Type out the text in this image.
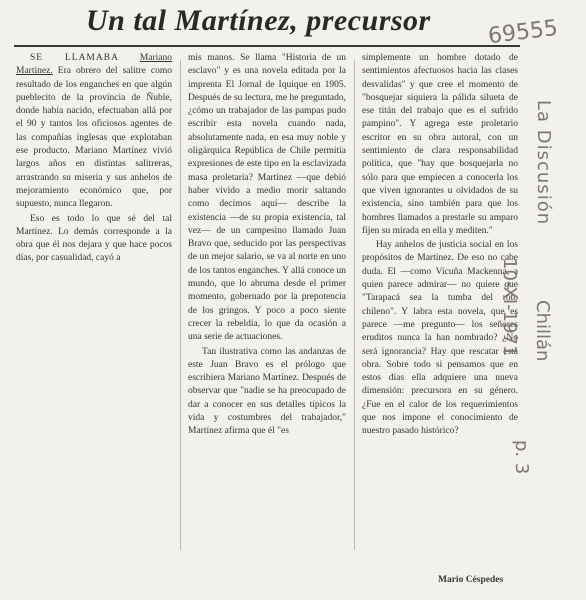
Un tal Martínez, precursor

SE LLAMABA Mariano Martínez. Era obrero del salitre como resultado de los enganches en que algún pueblecito de la provincia de Ñuble, donde había nacido, efectuaban allá por el 90 y tantos los oficiosos agentes de las compañías inglesas que explotaban ese producto. Mariano Martínez vivió largos años en distintas salitreras, arrastrando su miseria y sus anhelos de mejoramiento económico que, por supuesto, nunca llegaron.

Eso es todo lo que sé del tal Martínez. Lo demás corresponde a la obra que él nos dejara y que hace pocos días, por casualidad, cayó a

mis manos. Se llama "Historia de un esclavo" y es una novela editada por la imprenta El Jornal de Iquique en 1905. Después de su lectura, me he preguntado, ¿cómo un trabajador de las pampas pudo escribir esta novela cuando nada, absolutamente nada, en esa muy noble y oligárquica República de Chile permitía expresiones de este tipo en la esclavizada masa proletaria? Martínez —que debió haber vivido a medio morir saltando como decimos aquí— describe la existencia —de su propia existencia, tal vez— de un campesino llamado Juan Bravo que, seducido por las perspectivas de un mejor salario, se va al norte en uno de los tantos enganches. Y allá conoce un mundo, que lo abruma desde el primer momento, gobernado por la prepotencia de los gringos. Y poco a poco siente crecer la rebeldía, lo que da ocasión a una serie de actuaciones.

Tan ilustrativa como las andanzas de este Juan Bravo es el prólogo que escribiera Mariano Martínez. Después de observar que "nadie se ha preocupado de dar a conocer en sus detalles típicos la vida y costumbres del trabajador," Martínez afirma que él "es

simplemente un hombre dotado de sentimientos afectuosos hacia las clases desvalidas" y que cree el momento de "bosquejar siquiera la pálida silueta de ese titán del trabajo que es el sufrido pampino". Y agrega este proletario escritor en su obra autoral, con un sentimiento de clara responsabilidad política, que "hay que bosquejarla no sólo para que empiecen a conocerla los que viven ignorantes u olvidados de su existencia, sino también para que los hombres llamados a prestarle su amparo fijen su mirada en ella y mediten."

Hay anhelos de justicia social en los propósitos de Martínez. De eso no cabe duda. El —como Vicuña Mackenna, a quien parece admirar— no quiere que "Tarapacá sea la tumba del roto chileno". Y labra esta novela, que es parece —me pregunto— los señores eruditos nunca la han nombrado? ¿No será ignorancia? Hay que rescatar esta obra. Sobre todo si pensamos que en estos días ella adquiere una nueva dimensión: precursora en su género. ¿Fue en el calor de los requerimientos que nos impone el conocimiento de nuestro pasado histórico?

Mario Céspedes
69555
La Discusión
10-XI-1971 Chillán
p. 3
